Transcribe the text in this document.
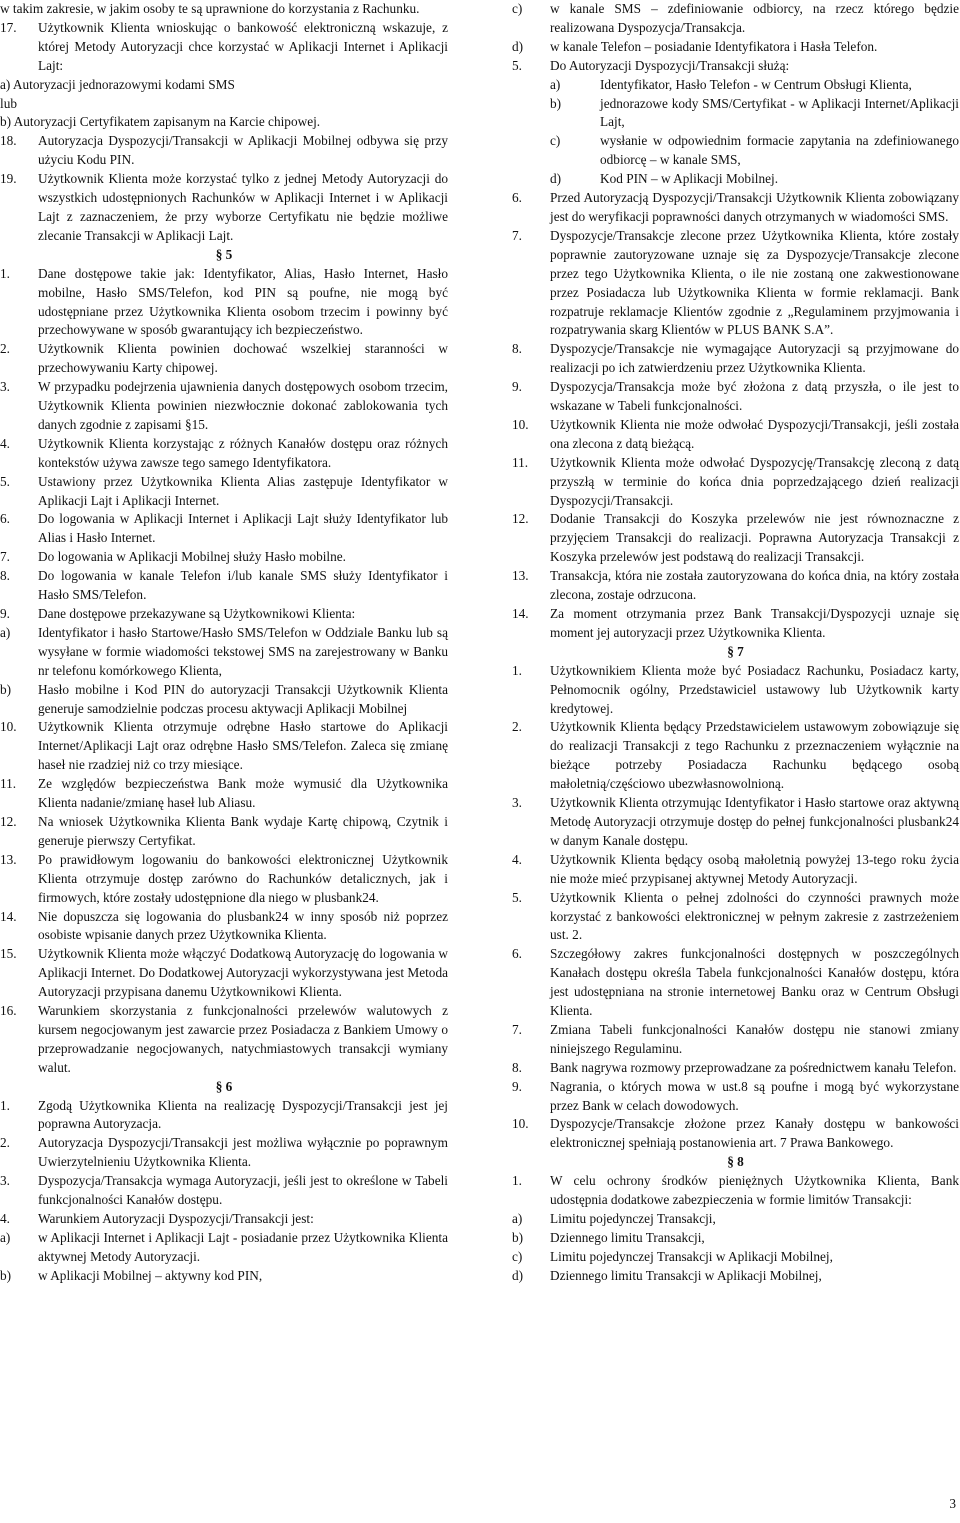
w takim zakresie, w jakim osoby te są uprawnione do korzystania z Rachunku.

17.	Użytkownik Klienta wnioskując o bankowość elektroniczną wskazuje, z której Metody Autoryzacji chce korzystać w Aplikacji Internet i Aplikacji Lajt:

a) Autoryzacji jednorazowymi kodami SMS

lub

b) Autoryzacji Certyfikatem zapisanym na Karcie chipowej.

18.	Autoryzacja Dyspozycji/Transakcji w Aplikacji Mobilnej odbywa się przy użyciu Kodu PIN.
19.	Użytkownik Klienta może korzystać tylko z jednej Metody Autoryzacji do wszystkich udostępnionych Rachunków w Aplikacji Internet i w Aplikacji Lajt z zaznaczeniem, że przy wyborze Certyfikatu nie będzie możliwe zlecanie Transakcji w Aplikacji Lajt.

§ 5

1.	Dane dostępowe takie jak: Identyfikator, Alias, Hasło Internet, Hasło mobilne, Hasło SMS/Telefon, kod PIN są poufne, nie mogą być udostępniane przez Użytkownika Klienta osobom trzecim i powinny być przechowywane w sposób gwarantujący ich bezpieczeństwo.
2.	Użytkownik Klienta powinien dochować wszelkiej staranności w przechowywaniu Karty chipowej.
3.	W przypadku podejrzenia ujawnienia danych dostępowych osobom trzecim, Użytkownik Klienta powinien niezwłocznie dokonać zablokowania tych danych zgodnie z zapisami §15.
4.	Użytkownik Klienta korzystając z różnych Kanałów dostępu oraz różnych kontekstów używa zawsze tego samego Identyfikatora.
5.	Ustawiony przez Użytkownika Klienta Alias zastępuje Identyfikator w Aplikacji Lajt i Aplikacji Internet.
6.	Do logowania w Aplikacji Internet i Aplikacji Lajt służy Identyfikator lub Alias i Hasło Internet.
7.	Do logowania w Aplikacji Mobilnej służy Hasło mobilne.
8.	Do logowania w kanale Telefon i/lub kanale SMS służy Identyfikator i Hasło SMS/Telefon.
9.	Dane dostępowe przekazywane są Użytkownikowi Klienta:
a)	Identyfikator i hasło Startowe/Hasło SMS/Telefon w Oddziale Banku lub są wysyłane w formie wiadomości tekstowej SMS na zarejestrowany w Banku nr telefonu komórkowego Klienta,
b)	Hasło mobilne i Kod PIN do autoryzacji Transakcji Użytkownik Klienta generuje samodzielnie podczas procesu aktywacji Aplikacji Mobilnej
10.	Użytkownik Klienta otrzymuje odrębne Hasło startowe do Aplikacji Internet/Aplikacji Lajt oraz odrębne Hasło SMS/Telefon. Zaleca się zmianę haseł nie rzadziej niż co trzy miesiące.
11.	Ze względów bezpieczeństwa Bank może wymusić dla Użytkownika Klienta nadanie/zmianę haseł lub Aliasu.
12.	Na wniosek Użytkownika Klienta Bank wydaje Kartę chipową, Czytnik i generuje pierwszy Certyfikat.
13.	Po prawidłowym logowaniu do bankowości elektronicznej Użytkownik Klienta otrzymuje dostęp zarówno do Rachunków detalicznych, jak i firmowych, które zostały udostępnione dla niego w plusbank24.
14.	Nie dopuszcza się logowania do plusbank24 w inny sposób niż poprzez osobiste wpisanie danych przez Użytkownika Klienta.
15.	Użytkownik Klienta może włączyć Dodatkową Autoryzację do logowania w Aplikacji Internet. Do Dodatkowej Autoryzacji wykorzystywana jest Metoda Autoryzacji przypisana danemu Użytkownikowi Klienta.
16.	Warunkiem skorzystania z funkcjonalności przelewów walutowych z kursem negocjowanym jest zawarcie przez Posiadacza z Bankiem Umowy o przeprowadzanie negocjowanych, natychmiastowych transakcji wymiany walut.

§ 6

1.	Zgodą Użytkownika Klienta na realizację Dyspozycji/Transakcji jest jej poprawna Autoryzacja.
2.	Autoryzacja Dyspozycji/Transakcji jest możliwa wyłącznie po poprawnym Uwierzytelnieniu Użytkownika Klienta.
3.	Dyspozycja/Transakcja wymaga Autoryzacji, jeśli jest to określone w Tabeli funkcjonalności Kanałów dostępu.
4.	Warunkiem Autoryzacji Dyspozycji/Transakcji jest:
a)	w Aplikacji Internet i Aplikacji Lajt - posiadanie przez Użytkownika Klienta aktywnej Metody Autoryzacji.
b)	w Aplikacji Mobilnej – aktywny kod PIN,
c)	w kanale SMS – zdefiniowanie odbiorcy, na rzecz którego będzie realizowana Dyspozycja/Transakcja.
d)	w kanale Telefon – posiadanie Identyfikatora i Hasła Telefon.
5.	Do Autoryzacji Dyspozycji/Transakcji służą:
a)	Identyfikator, Hasło Telefon - w Centrum Obsługi Klienta,
b)	jednorazowe kody SMS/Certyfikat - w Aplikacji Internet/Aplikacji Lajt,
c)	wysłanie w odpowiednim formacie zapytania na zdefiniowanego odbiorcę – w kanale SMS,
d)	Kod PIN – w Aplikacji Mobilnej.
6.	Przed Autoryzacją Dyspozycji/Transakcji Użytkownik Klienta zobowiązany jest do weryfikacji poprawności danych otrzymanych w wiadomości SMS.
7.	Dyspozycje/Transakcje zlecone przez Użytkownika Klienta, które zostały poprawnie zautoryzowane uznaje się za Dyspozycje/Transakcje zlecone przez tego Użytkownika Klienta, o ile nie zostaną one zakwestionowane przez Posiadacza lub Użytkownika Klienta w formie reklamacji. Bank rozpatruje reklamacje Klientów zgodnie z „Regulaminem przyjmowania i rozpatrywania skarg Klientów w PLUS BANK S.A”.
8.	Dyspozycje/Transakcje nie wymagające Autoryzacji są przyjmowane do realizacji po ich zatwierdzeniu przez Użytkownika Klienta.
9.	Dyspozycja/Transakcja może być złożona z datą przyszła, o ile jest to wskazane w Tabeli funkcjonalności.
10.	Użytkownik Klienta nie może odwołać Dyspozycji/Transakcji, jeśli została ona zlecona z datą bieżącą.
11.	Użytkownik Klienta może odwołać Dyspozycję/Transakcję zleconą z datą przyszłą w terminie do końca dnia poprzedzającego dzień realizacji Dyspozycji/Transakcji.
12.	Dodanie Transakcji do Koszyka przelewów nie jest równoznaczne z przyjęciem Transakcji do realizacji. Poprawna Autoryzacja Transakcji z Koszyka przelewów jest podstawą do realizacji Transakcji.
13.	Transakcja, która nie została zautoryzowana do końca dnia, na który została zlecona, zostaje odrzucona.
14.	Za moment otrzymania przez Bank Transakcji/Dyspozycji uznaje się moment jej autoryzacji przez Użytkownika Klienta.

§ 7

1.	Użytkownikiem Klienta może być Posiadacz Rachunku, Posiadacz karty, Pełnomocnik ogólny, Przedstawiciel ustawowy lub Użytkownik karty kredytowej.
2.	Użytkownik Klienta będący Przedstawicielem ustawowym zobowiązuje się do realizacji Transakcji z tego Rachunku z przeznaczeniem wyłącznie na bieżące potrzeby Posiadacza Rachunku będącego osobą małoletnią/częściowo ubezwłasnowolnioną.
3.	Użytkownik Klienta otrzymując Identyfikator i Hasło startowe oraz aktywną Metodę Autoryzacji otrzymuje dostęp do pełnej funkcjonalności plusbank24 w danym Kanale dostępu.
4.	Użytkownik Klienta będący osobą małoletnią powyżej 13-tego roku życia nie może mieć przypisanej aktywnej Metody Autoryzacji.
5.	Użytkownik Klienta o pełnej zdolności do czynności prawnych może korzystać z bankowości elektronicznej w pełnym zakresie z zastrzeżeniem ust. 2.
6.	Szczegółowy zakres funkcjonalności dostępnych w poszczególnych Kanałach dostępu określa Tabela funkcjonalności Kanałów dostępu, która jest udostępniana na stronie internetowej Banku oraz w Centrum Obsługi Klienta.
7.	Zmiana Tabeli funkcjonalności Kanałów dostępu nie stanowi zmiany niniejszego Regulaminu.
8.	Bank nagrywa rozmowy przeprowadzane za pośrednictwem kanału Telefon.
9.	Nagrania, o których mowa w ust.8 są poufne i mogą być wykorzystane przez Bank w celach dowodowych.
10.	Dyspozycje/Transakcje złożone przez Kanały dostępu w bankowości elektronicznej spełniają postanowienia art. 7 Prawa Bankowego.

§ 8

1.	W celu ochrony środków pieniężnych Użytkownika Klienta, Bank udostępnia dodatkowe zabezpieczenia w formie limitów Transakcji:
a)	Limitu pojedynczej Transakcji,
b)	Dziennego limitu Transakcji,
c)	Limitu pojedynczej Transakcji w Aplikacji Mobilnej,
d)	Dziennego limitu Transakcji w Aplikacji Mobilnej,
3
